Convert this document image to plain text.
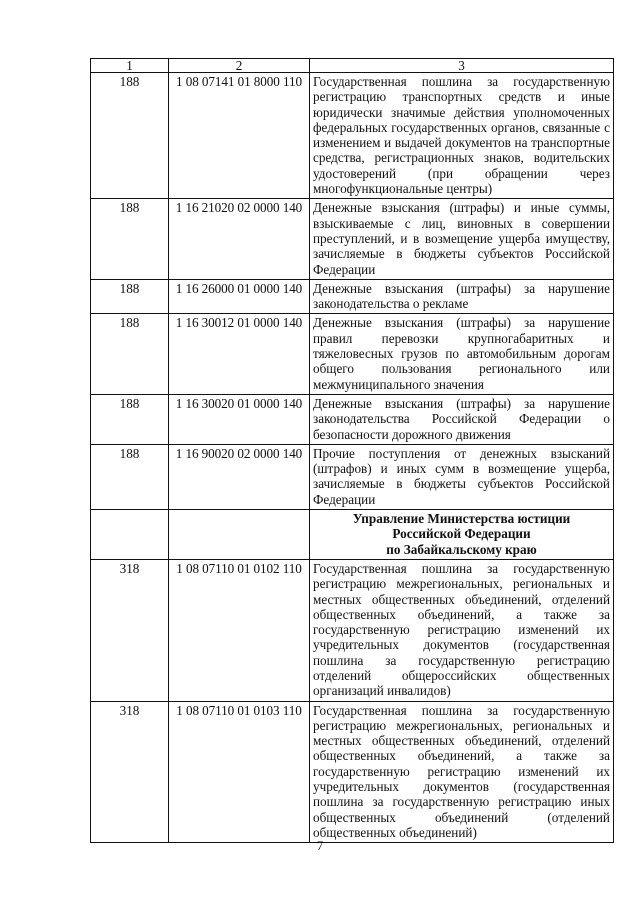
1	2	3
188	1 08 07141 01 8000 110	Государственная пошлина за государственную регистрацию транспортных средств и иные юридически значимые действия уполномоченных федеральных государственных органов, связанные с изменением и выдачей документов на транспортные средства, регистрационных знаков, водительских удостоверений (при обращении через многофункциональные центры)
188	1 16 21020 02 0000 140	Денежные взыскания (штрафы) и иные суммы, взыскиваемые с лиц, виновных в совершении преступлений, и в возмещение ущерба имуществу, зачисляемые в бюджеты субъектов Российской Федерации
188	1 16 26000 01 0000 140	Денежные взыскания (штрафы) за нарушение законодательства о рекламе
188	1 16 30012 01 0000 140	Денежные взыскания (штрафы) за нарушение правил перевозки крупногабаритных и тяжеловесных грузов по автомобильным дорогам общего пользования регионального или межмуниципального значения
188	1 16 30020 01 0000 140	Денежные взыскания (штрафы) за нарушение законодательства Российской Федерации о безопасности дорожного движения
188	1 16 90020 02 0000 140	Прочие поступления от денежных взысканий (штрафов) и иных сумм в возмещение ущерба, зачисляемые в бюджеты субъектов Российской Федерации
		Управление Министерства юстиции
Российской Федерации
по Забайкальскому краю
318	1 08 07110 01 0102 110	Государственная пошлина за государственную регистрацию межрегиональных, региональных и местных общественных объединений, отделений общественных объединений, а также за государственную регистрацию изменений их учредительных документов (государственная пошлина за государственную регистрацию отделений общероссийских общественных организаций инвалидов)
318	1 08 07110 01 0103 110	Государственная пошлина за государственную регистрацию межрегиональных, региональных и местных общественных объединений, отделений общественных объединений, а также за государственную регистрацию изменений их учредительных документов (государственная пошлина за государственную регистрацию иных общественных объединений (отделений общественных объединений)
7
